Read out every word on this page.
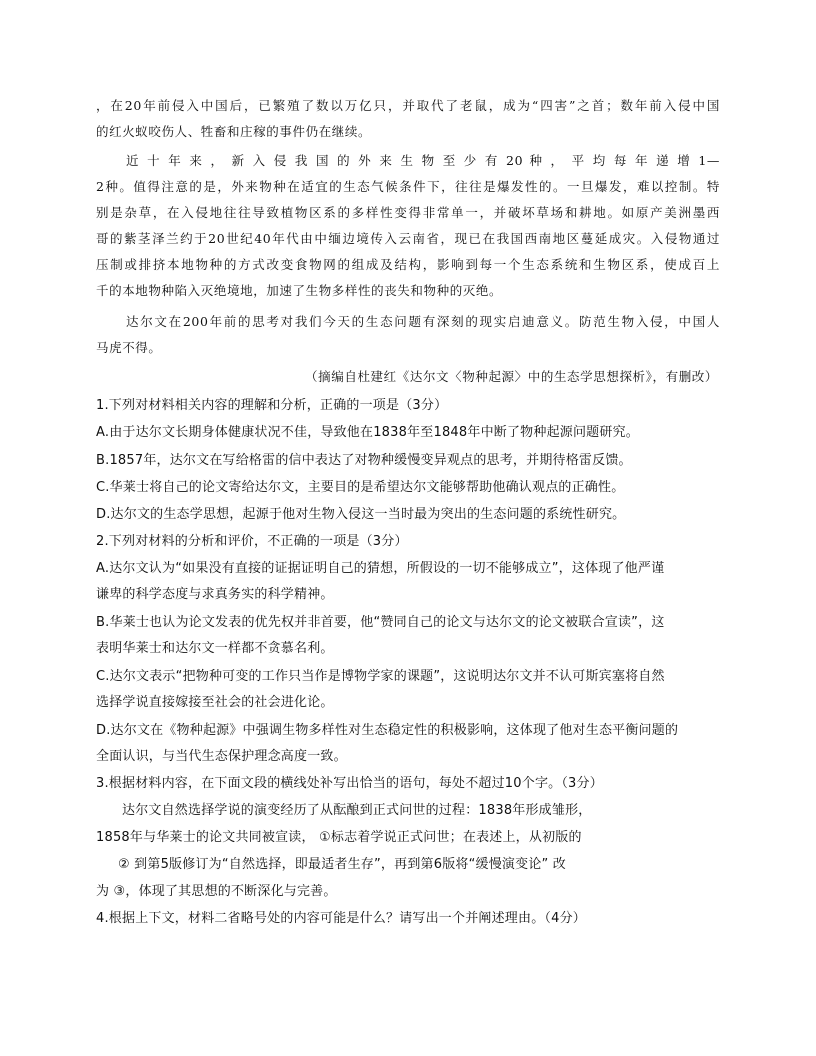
，在20年前侵入中国后，已繁殖了数以万亿只，并取代了老鼠，成为“四害”之首；数年前入侵中国
的红火蚁咬伤人、牲畜和庄稼的事件仍在继续。
近 十 年 来 ， 新 入 侵 我 国 的 外 来 生 物 至 少 有 20 种 ， 平 均 每 年 递 增 1—
2种。值得注意的是，外来物种在适宜的生态气候条件下，往往是爆发性的。一旦爆发，难以控制。特
别是杂草，在入侵地往往导致植物区系的多样性变得非常单一，并破坏草场和耕地。如原产美洲墨西
哥的紫茎泽兰约于20世纪40年代由中缅边境传入云南省，现已在我国西南地区蔓延成灾。入侵物通过
压制或排挤本地物种的方式改变食物网的组成及结构，影响到每一个生态系统和生物区系，使成百上
千的本地物种陷入灭绝境地，加速了生物多样性的丧失和物种的灭绝。
达尔文在200年前的思考对我们今天的生态问题有深刻的现实启迪意义。防范生物入侵，中国人
马虎不得。
（摘编自杜建红《达尔文〈物种起源〉中的生态学思想探析》，有删改）
1.下列对材料相关内容的理解和分析，正确的一项是（3分）
A.由于达尔文长期身体健康状况不佳，导致他在1838年至1848年中断了物种起源问题研究。
B.1857年，达尔文在写给格雷的信中表达了对物种缓慢变异观点的思考，并期待格雷反馈。
C.华莱士将自己的论文寄给达尔文，主要目的是希望达尔文能够帮助他确认观点的正确性。
D.达尔文的生态学思想，起源于他对生物入侵这一当时最为突出的生态问题的系统性研究。
2.下列对材料的分析和评价，不正确的一项是（3分）
A.达尔文认为“如果没有直接的证据证明自己的猜想，所假设的一切不能够成立”，这体现了他严谨
谦卑的科学态度与求真务实的科学精神。
B.华莱士也认为论文发表的优先权并非首要，他“赞同自己的论文与达尔文的论文被联合宣读”，这
表明华莱士和达尔文一样都不贪慕名利。
C.达尔文表示“把物种可变的工作只当作是博物学家的课题”，这说明达尔文并不认可斯宾塞将自然
选择学说直接嫁接至社会的社会进化论。
D.达尔文在《物种起源》中强调生物多样性对生态稳定性的积极影响，这体现了他对生态平衡问题的
全面认识，与当代生态保护理念高度一致。
3.根据材料内容，在下面文段的横线处补写出恰当的语句，每处不超过10个字。（3分）
达尔文自然选择学说的演变经历了从酝酿到正式问世的过程：1838年形成雏形，
1858年与华莱士的论文共同被宣读， ①标志着学说正式问世；在表述上，从初版的
② 到第5版修订为“自然选择，即最适者生存”，再到第6版将“缓慢演变论” 改
为 ③，体现了其思想的不断深化与完善。
4.根据上下文，材料二省略号处的内容可能是什么？请写出一个并阐述理由。（4分）
